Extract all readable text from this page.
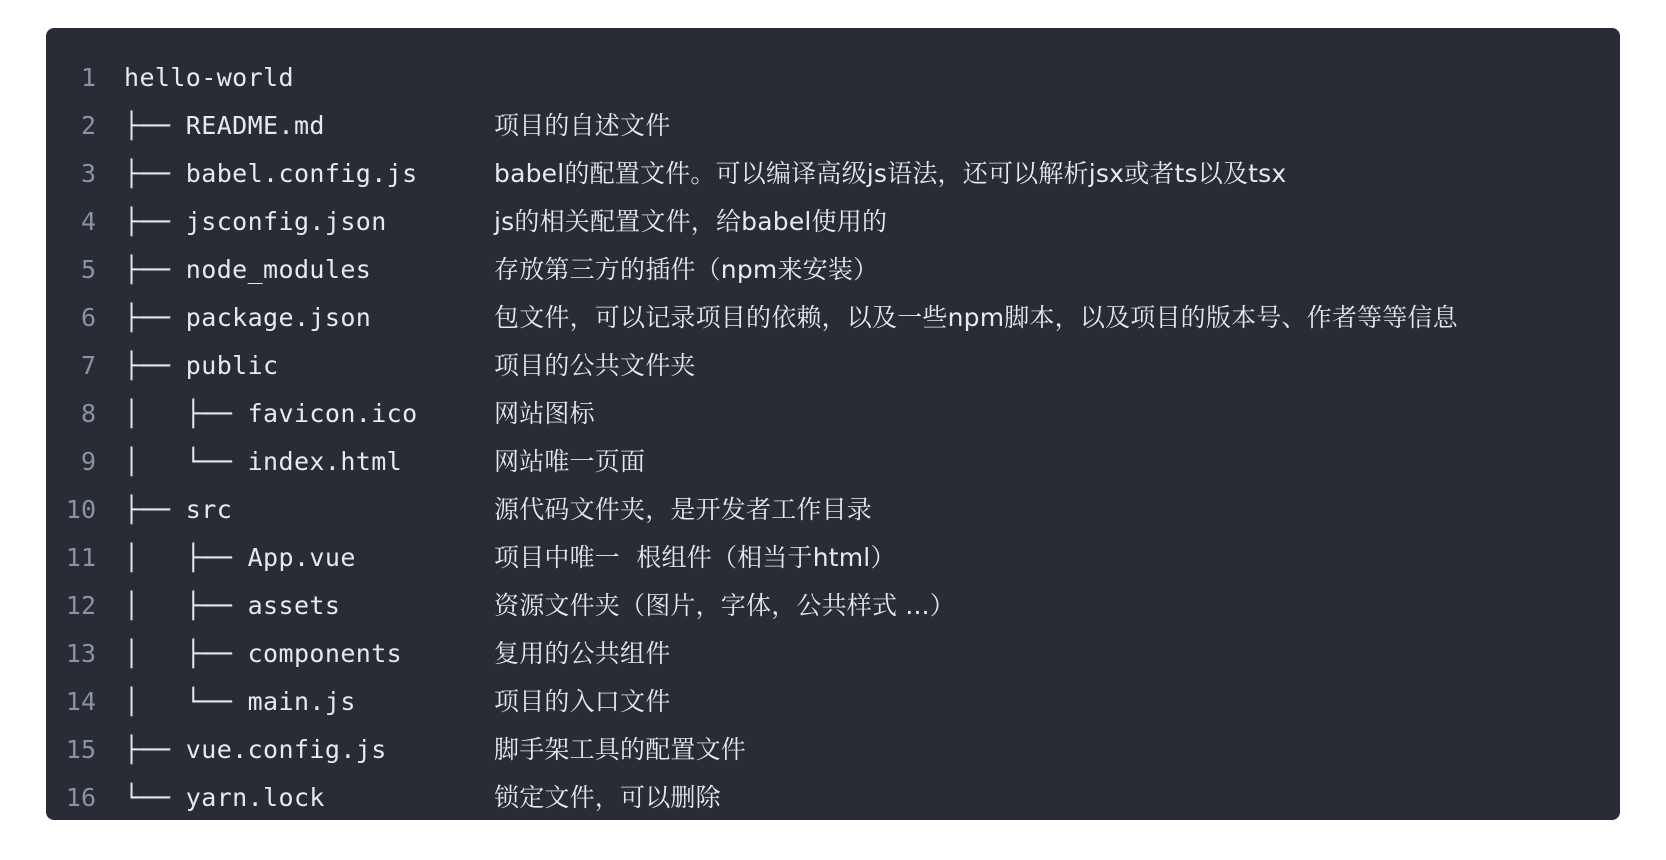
1	hello-world
2	├── README.md	项目的自述文件
3	├── babel.config.js	babel的配置文件。可以编译高级js语法，还可以解析jsx或者ts以及tsx
4	├── jsconfig.json	js的相关配置文件，给babel使用的
5	├── node_modules	存放第三方的插件（npm来安装）
6	├── package.json	包文件，可以记录项目的依赖，以及一些npm脚本，以及项目的版本号、作者等等信息
7	├── public	项目的公共文件夹
8	│   ├── favicon.ico	网站图标
9	│   └── index.html	网站唯一页面
10	├── src	源代码文件夹，是开发者工作目录
11	│   ├── App.vue	项目中唯一  根组件（相当于html）
12	│   ├── assets	资源文件夹（图片，字体，公共样式 ...）
13	│   ├── components	复用的公共组件
14	│   └── main.js	项目的入口文件
15	├── vue.config.js	脚手架工具的配置文件
16	└── yarn.lock	锁定文件，可以删除
